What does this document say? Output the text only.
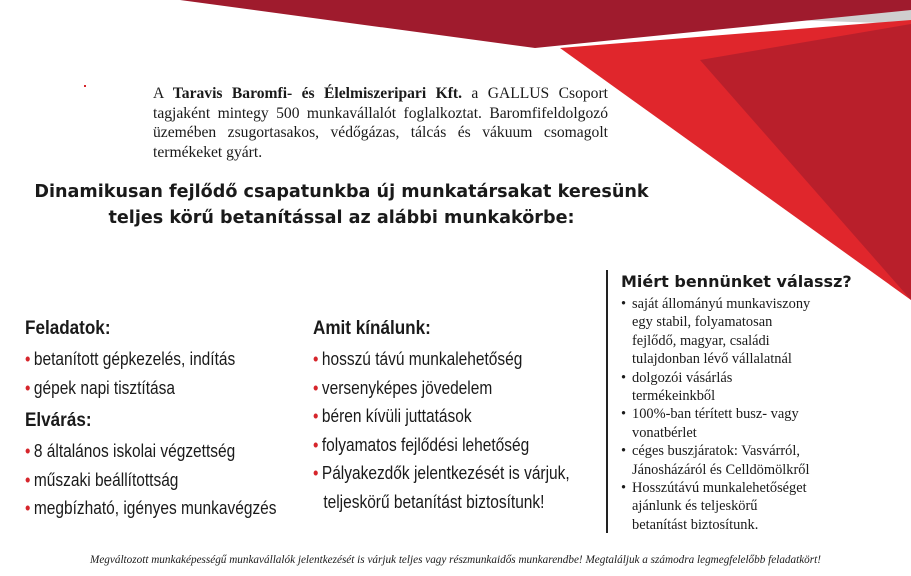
A Taravis Baromfi- és Élelmiszeripari Kft. a GALLUS Csoport tagjaként mintegy 500 munkavállalót foglalkoztat. Baromfifeldolgozó üzemében zsugortasakos, védőgázas, tálcás és vákuum csomagolt termékeket gyárt.

Dinamikusan fejlődő csapatunkba új munkatársakat keresünk
teljes körű betanítással az alábbi munkakörbe:
Feladatok:
• betanított gépkezelés, indítás
• gépek napi tisztítása
Elvárás:
• 8 általános iskolai végzettség
• műszaki beállítottság
• megbízható, igényes munkavégzés
Amit kínálunk:
• hosszú távú munkalehetőség
• versenyképes jövedelem
• béren kívüli juttatások
• folyamatos fejlődési lehetőség
• Pályakezdők jelentkezését is várjuk,
teljeskörű betanítást biztosítunk!
Miért bennünket válassz?
• saját állományú munkaviszony
egy stabil, folyamatosan
fejlődő, magyar, családi
tulajdonban lévő vállalatnál
• dolgozói vásárlás
termékeinkből
• 100%-ban térített busz- vagy
vonatbérlet
• céges buszjáratok: Vasvárról,
Jánosházáról és Celldömölkről
• Hosszútávú munkalehetőséget
ajánlunk és teljeskörű
betanítást biztosítunk.

Megváltozott munkaképességű munkavállalók jelentkezését is várjuk teljes vagy részmunkaidős munkarendbe! Megtaláljuk a számodra legmegfelelőbb feladatkört!
